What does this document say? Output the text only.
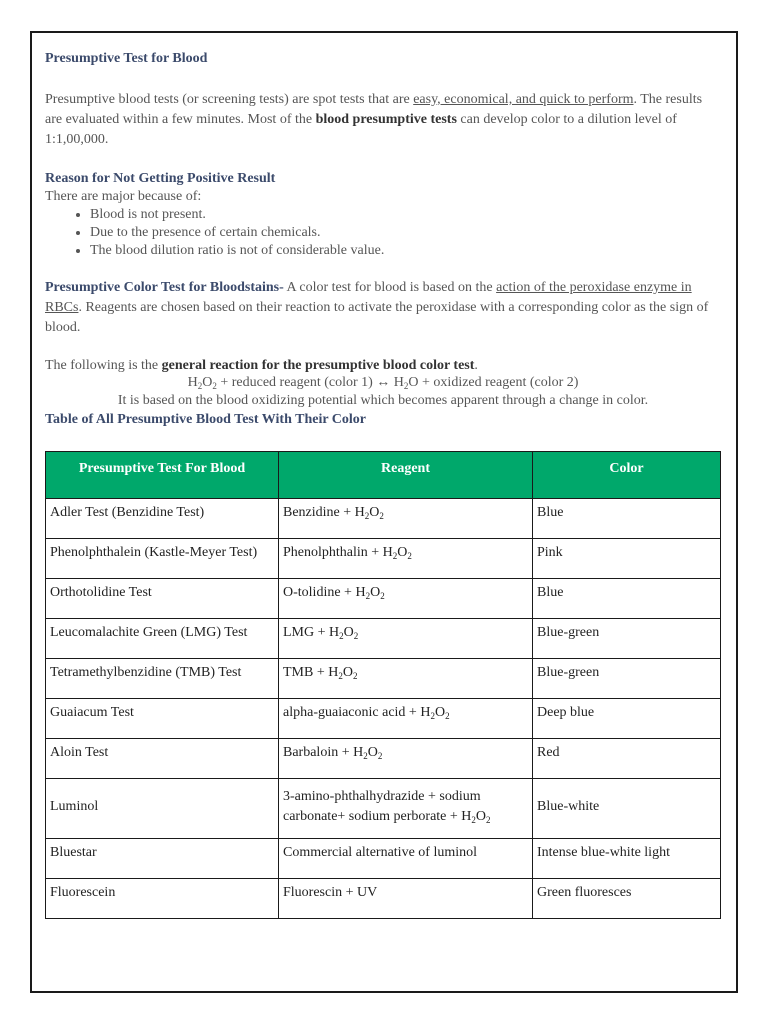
Presumptive Test for Blood
Presumptive blood tests (or screening tests) are spot tests that are easy, economical, and quick to perform. The results are evaluated within a few minutes. Most of the blood presumptive tests can develop color to a dilution level of 1:1,00,000.
Reason for Not Getting Positive Result
There are major because of:
• Blood is not present.
• Due to the presence of certain chemicals.
• The blood dilution ratio is not of considerable value.
Presumptive Color Test for Bloodstains- A color test for blood is based on the action of the peroxidase enzyme in RBCs. Reagents are chosen based on their reaction to activate the peroxidase with a corresponding color as the sign of blood.
The following is the general reaction for the presumptive blood color test.
$H_2O_2$ + reduced reagent (color 1) ↔ $H_2O$ + oxidized reagent (color 2)
It is based on the blood oxidizing potential which becomes apparent through a change in color.
Table of All Presumptive Blood Test With Their Color
Presumptive Test For Blood	Reagent	Color
Adler Test (Benzidine Test)	Benzidine + $H_2O_2$	Blue
Phenolphthalein (Kastle-Meyer Test)	Phenolphthalin + $H_2O_2$	Pink
Orthotolidine Test	O-tolidine + $H_2O_2$	Blue
Leucomalachite Green (LMG) Test	LMG + $H_2O_2$	Blue-green
Tetramethylbenzidine (TMB) Test	TMB + $H_2O_2$	Blue-green
Guaiacum Test	alpha-guaiaconic acid + $H_2O_2$	Deep blue
Aloin Test	Barbaloin + $H_2O_2$	Red
Luminol	3-amino-phthalhydrazide + sodium
carbonate+ sodium perborate + $H_2O_2$	Blue-white
Bluestar	Commercial alternative of luminol	Intense blue-white light
Fluorescein	Fluorescin + UV	Green fluoresces
